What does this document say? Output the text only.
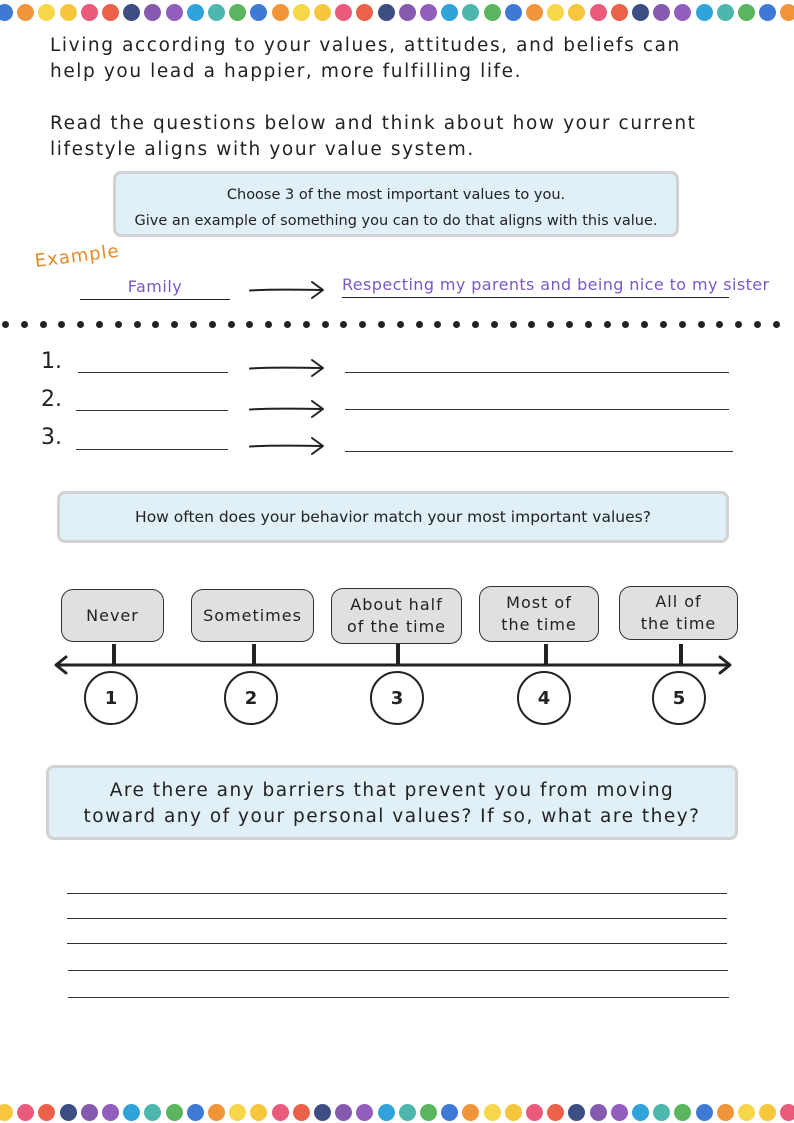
Living according to your values, attitudes, and beliefs can
help you lead a happier, more fulfilling life.

Read the questions below and think about how your current
lifestyle aligns with your value system.

Choose 3 of the most important values to you.
Give an example of something you can to do that aligns with this value.
Example
Family	Respecting my parents and being nice to my sister
1.
2.
3.
How often does your behavior match your most important values?
Never
1
Sometimes
2
About half
of the time
3
Most of
the time
4
All of
the time
5
Are there any barriers that prevent you from moving
toward any of your personal values? If so, what are they?
